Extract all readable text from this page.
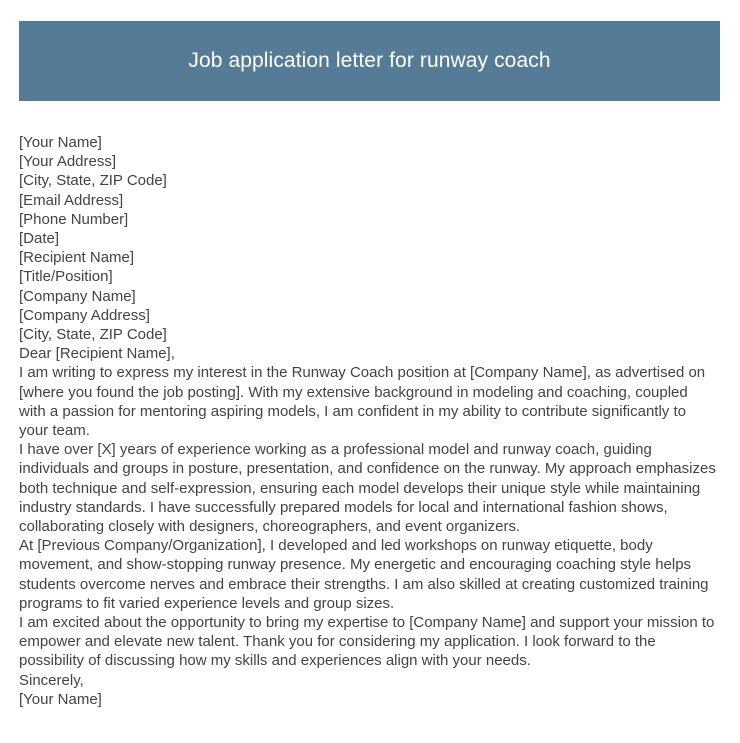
Job application letter for runway coach

[Your Name]

[Your Address]

[City, State, ZIP Code]

[Email Address]

[Phone Number]

[Date]

[Recipient Name]

[Title/Position]

[Company Name]

[Company Address]

[City, State, ZIP Code]

Dear [Recipient Name],

I am writing to express my interest in the Runway Coach position at [Company Name], as advertised on [where you found the job posting]. With my extensive background in modeling and coaching, coupled with a passion for mentoring aspiring models, I am confident in my ability to contribute significantly to your team.

I have over [X] years of experience working as a professional model and runway coach, guiding individuals and groups in posture, presentation, and confidence on the runway. My approach emphasizes both technique and self-expression, ensuring each model develops their unique style while maintaining industry standards. I have successfully prepared models for local and international fashion shows, collaborating closely with designers, choreographers, and event organizers.

At [Previous Company/Organization], I developed and led workshops on runway etiquette, body movement, and show-stopping runway presence. My energetic and encouraging coaching style helps students overcome nerves and embrace their strengths. I am also skilled at creating customized training programs to fit varied experience levels and group sizes.

I am excited about the opportunity to bring my expertise to [Company Name] and support your mission to empower and elevate new talent. Thank you for considering my application. I look forward to the possibility of discussing how my skills and experiences align with your needs.

Sincerely,

[Your Name]
